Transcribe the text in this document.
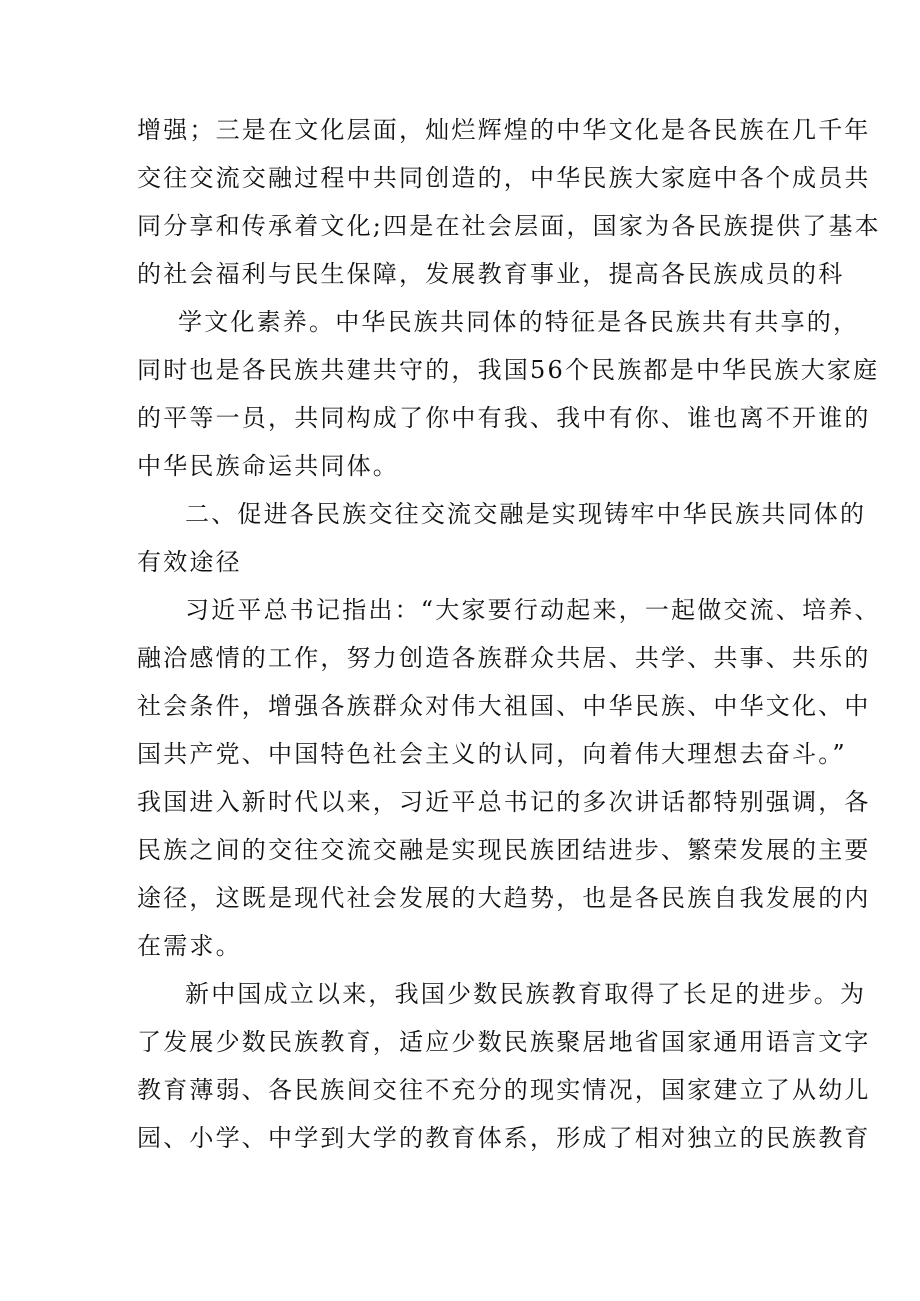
增强；三是在文化层面，灿烂辉煌的中华文化是各民族在几千年
交往交流交融过程中共同创造的，中华民族大家庭中各个成员共
同分享和传承着文化;四是在社会层面，国家为各民族提供了基本
的社会福利与民生保障，发展教育事业，提高各民族成员的科
学文化素养。中华民族共同体的特征是各民族共有共享的，
同时也是各民族共建共守的，我国56个民族都是中华民族大家庭
的平等一员，共同构成了你中有我、我中有你、谁也离不开谁的
中华民族命运共同体。
二、促进各民族交往交流交融是实现铸牢中华民族共同体的
有效途径
习近平总书记指出：“大家要行动起来，一起做交流、培养、
融洽感情的工作，努力创造各族群众共居、共学、共事、共乐的
社会条件，增强各族群众对伟大祖国、中华民族、中华文化、中
国共产党、中国特色社会主义的认同，向着伟大理想去奋斗。”
我国进入新时代以来，习近平总书记的多次讲话都特别强调，各
民族之间的交往交流交融是实现民族团结进步、繁荣发展的主要
途径，这既是现代社会发展的大趋势，也是各民族自我发展的内
在需求。
新中国成立以来，我国少数民族教育取得了长足的进步。为
了发展少数民族教育，适应少数民族聚居地省国家通用语言文字
教育薄弱、各民族间交往不充分的现实情况，国家建立了从幼儿
园、小学、中学到大学的教育体系，形成了相对独立的民族教育
